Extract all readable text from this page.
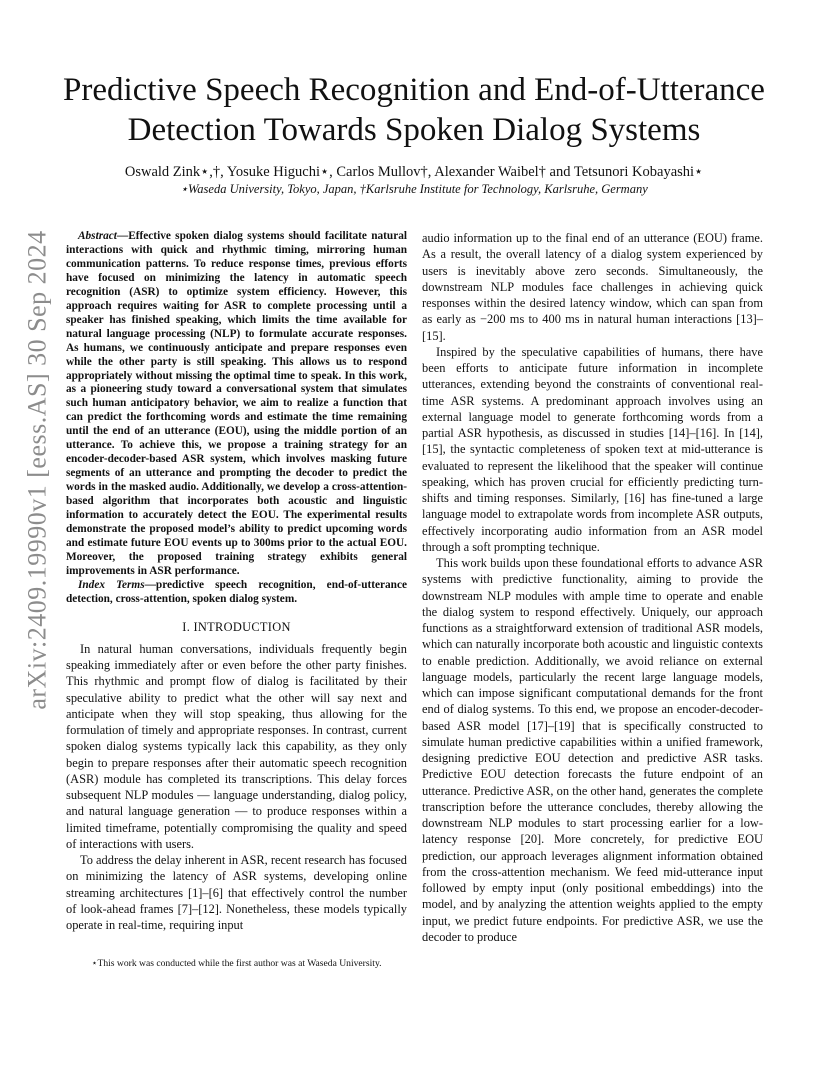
arXiv:2409.19990v1 [eess.AS] 30 Sep 2024
Predictive Speech Recognition and End-of-Utterance Detection Towards Spoken Dialog Systems
Oswald Zink⋆,†, Yosuke Higuchi⋆, Carlos Mullov†, Alexander Waibel† and Tetsunori Kobayashi⋆
⋆Waseda University, Tokyo, Japan, †Karlsruhe Institute for Technology, Karlsruhe, Germany

Abstract—Effective spoken dialog systems should facilitate natural interactions with quick and rhythmic timing, mirroring human communication patterns. To reduce response times, previous efforts have focused on minimizing the latency in automatic speech recognition (ASR) to optimize system efficiency. However, this approach requires waiting for ASR to complete processing until a speaker has finished speaking, which limits the time available for natural language processing (NLP) to formulate accurate responses. As humans, we continuously anticipate and prepare responses even while the other party is still speaking. This allows us to respond appropriately without missing the optimal time to speak. In this work, as a pioneering study toward a conversational system that simulates such human anticipatory behavior, we aim to realize a function that can predict the forthcoming words and estimate the time remaining until the end of an utterance (EOU), using the middle portion of an utterance. To achieve this, we propose a training strategy for an encoder-decoder-based ASR system, which involves masking future segments of an utterance and prompting the decoder to predict the words in the masked audio. Additionally, we develop a cross-attention-based algorithm that incorporates both acoustic and linguistic information to accurately detect the EOU. The experimental results demonstrate the proposed model’s ability to predict upcoming words and estimate future EOU events up to 300ms prior to the actual EOU. Moreover, the proposed training strategy exhibits general improvements in ASR performance.

Index Terms—predictive speech recognition, end-of-utterance detection, cross-attention, spoken dialog system.

I. INTRODUCTION

In natural human conversations, individuals frequently begin speaking immediately after or even before the other party finishes. This rhythmic and prompt flow of dialog is facilitated by their speculative ability to predict what the other will say next and anticipate when they will stop speaking, thus allowing for the formulation of timely and appropriate responses. In contrast, current spoken dialog systems typically lack this capability, as they only begin to prepare responses after their automatic speech recognition (ASR) module has completed its transcriptions. This delay forces subsequent NLP modules — language understanding, dialog policy, and natural language generation — to produce responses within a limited timeframe, potentially compromising the quality and speed of interactions with users.

To address the delay inherent in ASR, recent research has focused on minimizing the latency of ASR systems, developing online streaming architectures [1]–[6] that effectively control the number of look-ahead frames [7]–[12]. Nonetheless, these models typically operate in real-time, requiring input

⋆This work was conducted while the first author was at Waseda University.

audio information up to the final end of an utterance (EOU) frame. As a result, the overall latency of a dialog system experienced by users is inevitably above zero seconds. Simultaneously, the downstream NLP modules face challenges in achieving quick responses within the desired latency window, which can span from as early as −200 ms to 400 ms in natural human interactions [13]–[15].

Inspired by the speculative capabilities of humans, there have been efforts to anticipate future information in incomplete utterances, extending beyond the constraints of conventional real-time ASR systems. A predominant approach involves using an external language model to generate forthcoming words from a partial ASR hypothesis, as discussed in studies [14]–[16]. In [14], [15], the syntactic completeness of spoken text at mid-utterance is evaluated to represent the likelihood that the speaker will continue speaking, which has proven crucial for efficiently predicting turn-shifts and timing responses. Similarly, [16] has fine-tuned a large language model to extrapolate words from incomplete ASR outputs, effectively incorporating audio information from an ASR model through a soft prompting technique.

This work builds upon these foundational efforts to advance ASR systems with predictive functionality, aiming to provide the downstream NLP modules with ample time to operate and enable the dialog system to respond effectively. Uniquely, our approach functions as a straightforward extension of traditional ASR models, which can naturally incorporate both acoustic and linguistic contexts to enable prediction. Additionally, we avoid reliance on external language models, particularly the recent large language models, which can impose significant computational demands for the front end of dialog systems. To this end, we propose an encoder-decoder-based ASR model [17]–[19] that is specifically constructed to simulate human predictive capabilities within a unified framework, designing predictive EOU detection and predictive ASR tasks. Predictive EOU detection forecasts the future endpoint of an utterance. Predictive ASR, on the other hand, generates the complete transcription before the utterance concludes, thereby allowing the downstream NLP modules to start processing earlier for a low-latency response [20]. More concretely, for predictive EOU prediction, our approach leverages alignment information obtained from the cross-attention mechanism. We feed mid-utterance input followed by empty input (only positional embeddings) into the model, and by analyzing the attention weights applied to the empty input, we predict future endpoints. For predictive ASR, we use the decoder to produce
